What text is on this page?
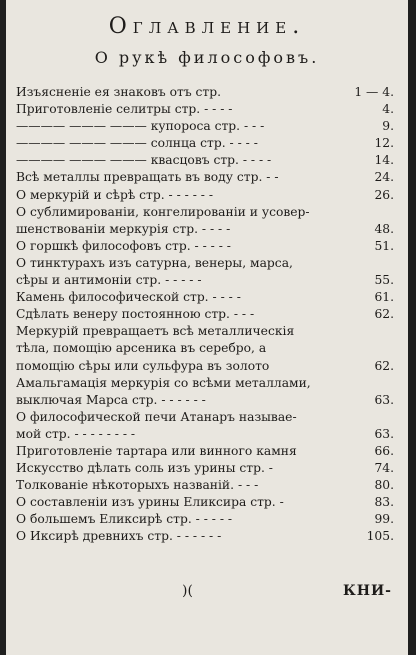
Оглавление.
О рукѣ философовъ.
Изъясненіе ея знаковъ отъ стр.	1 — 4.
Приготовленіе селитры стр. - - - -	4.
———— ——— ——— купороса стр. - - -	9.
———— ——— ——— солнца стр. - - - -	12.
———— ——— ——— квасцовъ стр. - - - -	14.
Всѣ металлы превращать въ воду стр. - -	24.
О меркурій и сѣрѣ стр. - - - - - -	26.
О сублимированіи, конгелированіи и усовер-
шенствованіи меркурія стр. - - - -	48.
О горшкѣ философовъ стр. - - - - -	51.
О тинктурахъ изъ сатурна, венеры, марса,
сѣры и антимоніи стр. - - - - -	55.
Камень философической стр. - - - -	61.
Сдѣлать венеру постоянною стр. - - -	62.
Меркурій превращаетъ всѣ металлическія
тѣла, помощію арсеника въ серебро, а
помощію сѣры или сульфура въ золото	62.
Амальгамація меркурія со всѣми металлами,
выключая Марса стр. - - - - - -	63.
О философической печи Атанаръ называе-
мой стр. - - - - - - - -	63.
Приготовленіе тартара или винного камня	66.
Искусство дѣлать соль изъ урины стр. -	74.
Толкованіе нѣкоторыхъ названій. - - -	80.
О составленіи изъ урины Еликсира стр. -	83.
О большемъ Еликсирѣ стр. - - - - -	99.
О Иксирѣ древнихъ стр. - - - - - -	105.
)(	КНИ-
